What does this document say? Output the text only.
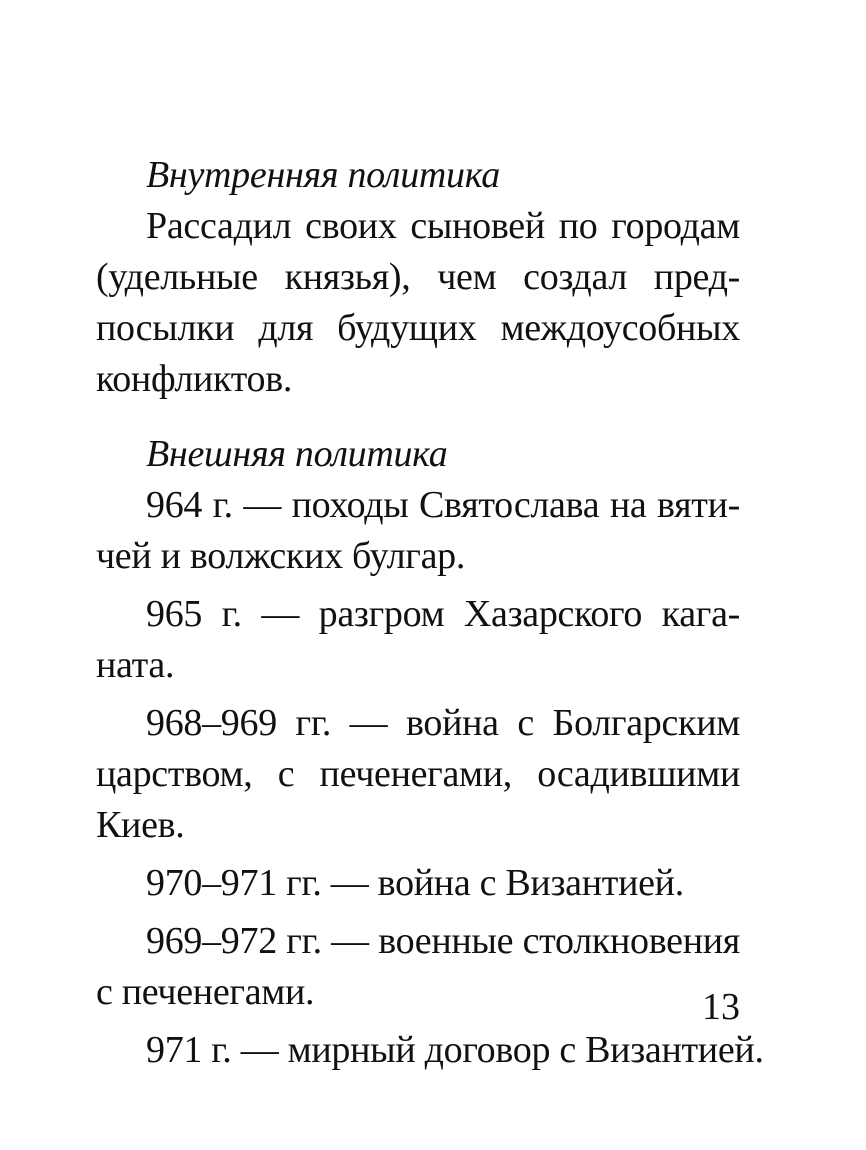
Внутренняя политика
Рассадил своих сыновей по городам
(удельные князья), чем создал пред-
посылки для будущих междоусобных
конфликтов.
Внешняя политика
964 г. — походы Святослава на вяти-
чей и волжских булгар.
965 г. — разгром Хазарского кага-
ната.
968–969 гг. — война с Болгарским
царством, с печенегами, осадившими
Киев.
970–971 гг. — война с Византией.
969–972 гг. — военные столкновения
с печенегами.
971 г. — мирный договор с Византией.
13
